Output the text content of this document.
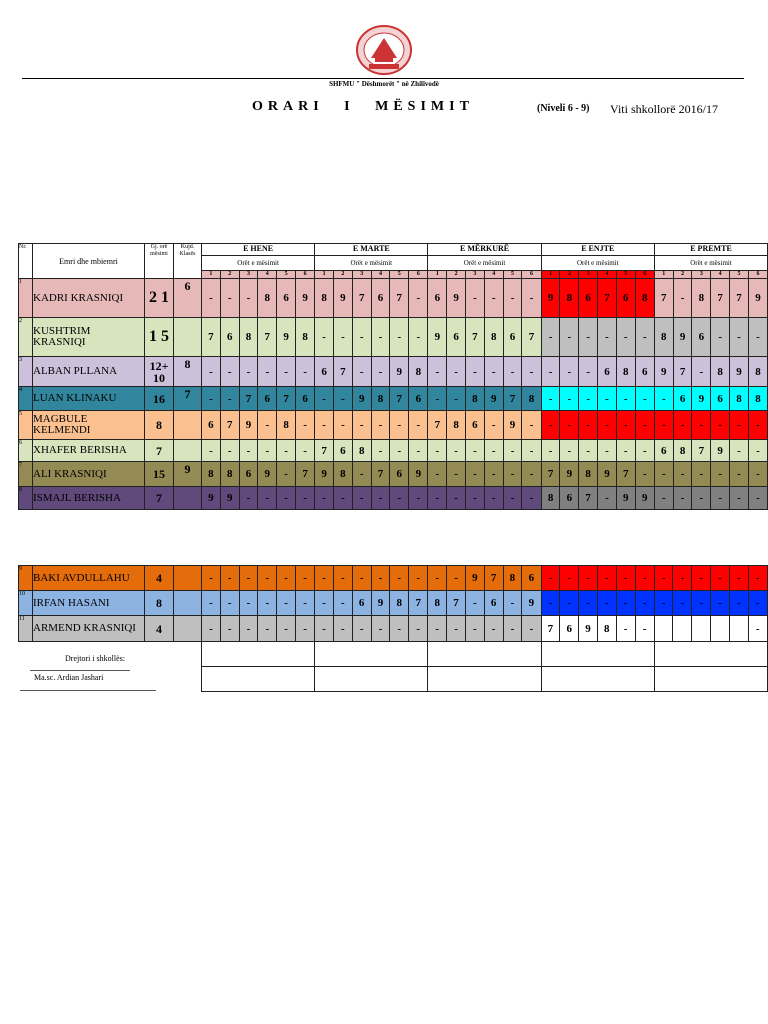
SHFMU " Dëshmorët " në Zhilivodë
ORARI I MËSIMIT	(Niveli 6 - 9) Viti shkollorë 2016/17
Nr.	Emri dhe mbiemri	Gj. orë mësimi	Kujd. Klasës	E HENE
Orët e mësimit						E MARTE
Orët e mësimit						E MËRKURË
Orët e mësimit						E ENJTE
Orët e mësimit						E PREMTE
Orët e mësimit					

				1	2	3	4	5	6	1	2	3	4	5	6	1	2	3	4	5	6	1	2	3	4	5	6	1	2	3	4	5	6
1	KADRI KRASNIQI	2 1	6	-	-	-	8	6	9	8	9	7	6	7	-	6	9	-	-	-	-	9	8	6	7	6	8	7	-	8	7	7	9
2	KUSHTRIM KRASNIQI	1 5		7	6	8	7	9	8	-	-	-	-	-	-	9	6	7	8	6	7	-	-	-	-	-	-	8	9	6	-	-	-
3	ALBAN PLLANA	12+ 10	8	-	-	-	-	-	-	6	7	-	-	9	8	-	-	-	-	-	-	-	-	-	6	8	6	9	7	-	8	9	8
4	LUAN KLINAKU	16	7	-	-	7	6	7	6	-	-	9	8	7	6	-	-	8	9	7	8	-	-	-	-	-	-	-	6	9	6	8	8
5	MAGBULE KELMENDI	8		6	7	9	-	8	-	-	-	-	-	-	-	7	8	6	-	9	-	-	-	-	-	-	-	-	-	-	-	-	-
6	XHAFER BERISHA	7		-	-	-	-	-	-	7	6	8	-	-	-	-	-	-	-	-	-	-	-	-	-	-	-	6	8	7	9	-	-
7	ALI KRASNIQI	15	9	8	8	6	9	-	7	9	8	-	7	6	9	-	-	-	-	-	-	7	9	8	9	7	-	-	-	-	-	-	-
8	ISMAJL BERISHA	7		9	9	-	-	-	-	-	-	-	-	-	-	-	-	-	-	-	-	8	6	7	-	9	9	-	-	-	-	-	-
9	BAKI AVDULLAHU	4		-	-	-	-	-	-	-	-	-	-	-	-	-	-	9	7	8	6	-	-	-	-	-	-	-	-	-	-	-	-
10	IRFAN HASANI	8		-	-	-	-	-	-	-	-	6	9	8	7	8	7	-	6	-	9	-	-	-	-	-	-	-	-	-	-	-	-
11	ARMEND KRASNIQI	4		-	-	-	-	-	-	-	-	-	-	-	-	-	-	-	-	-	-	7	6	9	8	-	-						-

Drejtori i shkollës:
Ma.sc. Ardian Jashari
